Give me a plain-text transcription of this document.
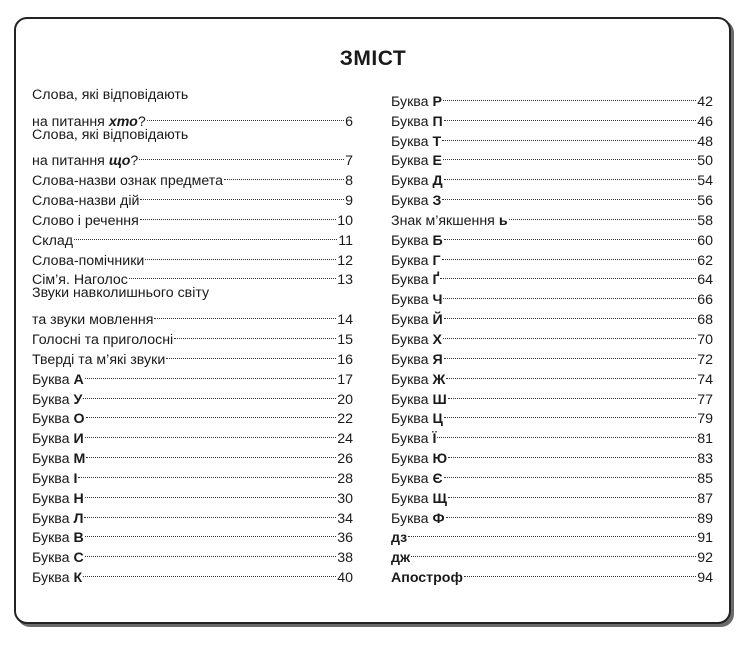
ЗМІСТ
Слова, які відповідають
на питання хто?	6
Слова, які відповідають
на питання що?	7
Слова-назви ознак предмета	8
Слова-назви дій	9
Слово і речення	10
Склад	11
Слова-помічники	12
Сім’я. Наголос	13
Звуки навколишнього світу
та звуки мовлення	14
Голосні та приголосні	15
Тверді та м’які звуки	16
Буква А	17
Буква У	20
Буква О	22
Буква И	24
Буква М	26
Буква І	28
Буква Н	30
Буква Л	34
Буква В	36
Буква С	38
Буква К	40
Буква Р	42
Буква П	46
Буква Т	48
Буква Е	50
Буква Д	54
Буква З	56
Знак м’якшення ь	58
Буква Б	60
Буква Г	62
Буква Ґ	64
Буква Ч	66
Буква Й	68
Буква Х	70
Буква Я	72
Буква Ж	74
Буква Ш	77
Буква Ц	79
Буква Ї	81
Буква Ю	83
Буква Є	85
Буква Щ	87
Буква Ф	89
дз	91
дж	92
Апостроф	94
